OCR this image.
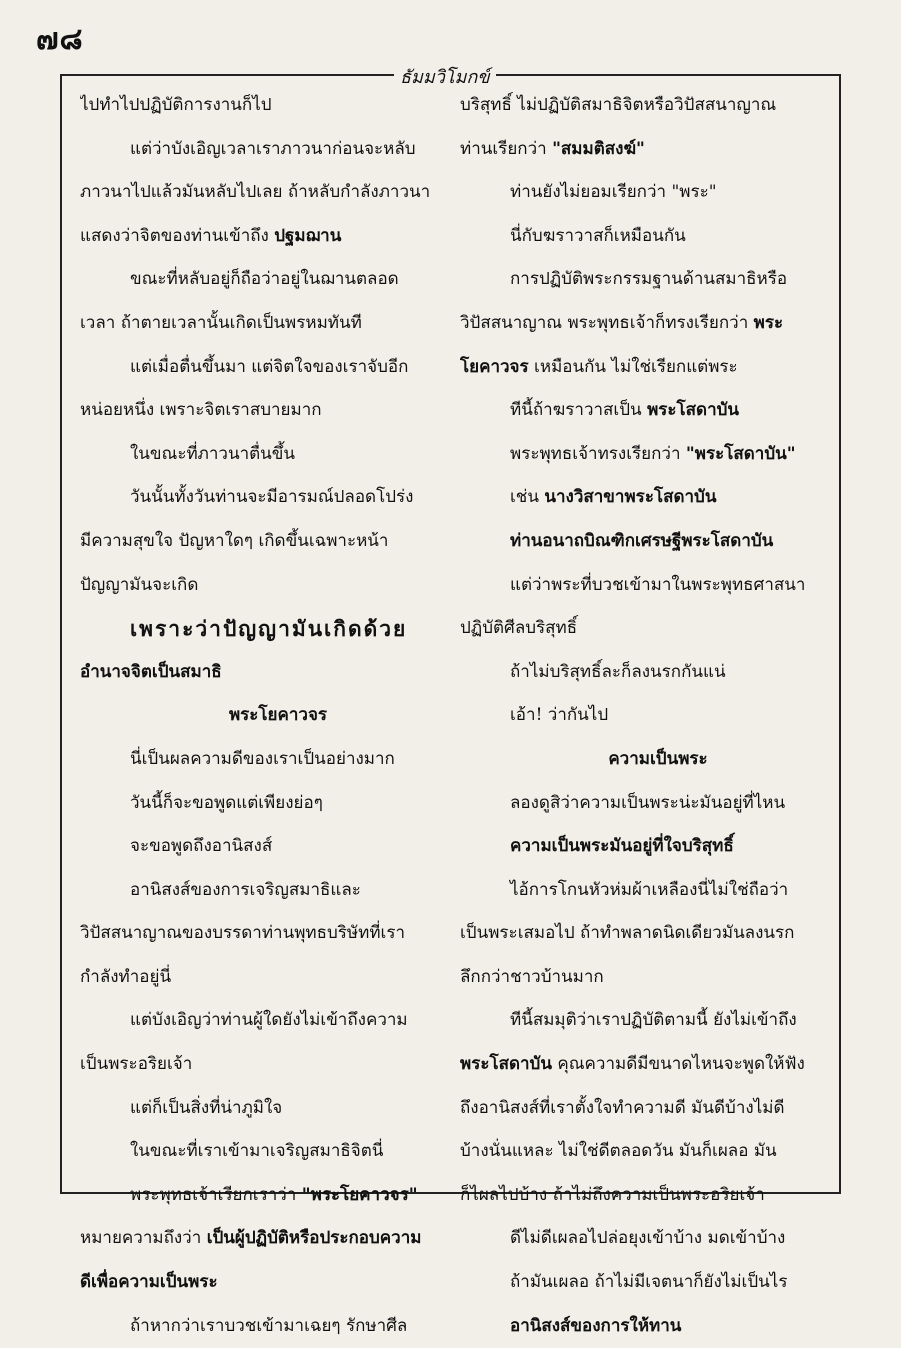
๗๘
ธัมมวิโมกข์
ไปทำไปปฏิบัติการงานก็ไป
แต่ว่าบังเอิญเวลาเราภาวนาก่อนจะหลับ
ภาวนาไปแล้วมันหลับไปเลย ถ้าหลับกำลังภาวนา
แสดงว่าจิตของท่านเข้าถึง ปฐมฌาน
ขณะที่หลับอยู่ก็ถือว่าอยู่ในฌานตลอด
เวลา ถ้าตายเวลานั้นเกิดเป็นพรหมทันที
แต่เมื่อตื่นขึ้นมา แต่จิตใจของเราจับอีก
หน่อยหนึ่ง เพราะจิตเราสบายมาก
ในขณะที่ภาวนาตื่นขึ้น
วันนั้นทั้งวันท่านจะมีอารมณ์ปลอดโปร่ง
มีความสุขใจ ปัญหาใดๆ เกิดขึ้นเฉพาะหน้า
ปัญญามันจะเกิด
เพราะว่าปัญญามันเกิดด้วย
อำนาจจิตเป็นสมาธิ
พระโยคาวจร
นี่เป็นผลความดีของเราเป็นอย่างมาก
วันนี้ก็จะขอพูดแต่เพียงย่อๆ
จะขอพูดถึงอานิสงส์
อานิสงส์ของการเจริญสมาธิและ
วิปัสสนาญาณของบรรดาท่านพุทธบริษัทที่เรา
กำลังทำอยู่นี่
แต่บังเอิญว่าท่านผู้ใดยังไม่เข้าถึงความ
เป็นพระอริยเจ้า
แต่ก็เป็นสิ่งที่น่าภูมิใจ
ในขณะที่เราเข้ามาเจริญสมาธิจิตนี่
พระพุทธเจ้าเรียกเราว่า "พระโยคาวจร"
หมายความถึงว่า เป็นผู้ปฏิบัติหรือประกอบความ
ดีเพื่อความเป็นพระ
ถ้าหากว่าเราบวชเข้ามาเฉยๆ รักษาศีล
บริสุทธิ์ ไม่ปฏิบัติสมาธิจิตหรือวิปัสสนาญาณ
ท่านเรียกว่า "สมมติสงฆ์"
ท่านยังไม่ยอมเรียกว่า "พระ"
นี่กับฆราวาสก็เหมือนกัน
การปฏิบัติพระกรรมฐานด้านสมาธิหรือ
วิปัสสนาญาณ พระพุทธเจ้าก็ทรงเรียกว่า พระ
โยคาวจร เหมือนกัน ไม่ใช่เรียกแต่พระ
ทีนี้ถ้าฆราวาสเป็น พระโสดาบัน
พระพุทธเจ้าทรงเรียกว่า "พระโสดาบัน"
เช่น นางวิสาขาพระโสดาบัน
ท่านอนาถบิณฑิกเศรษฐีพระโสดาบัน
แต่ว่าพระที่บวชเข้ามาในพระพุทธศาสนา
ปฏิบัติศีลบริสุทธิ์
ถ้าไม่บริสุทธิ์ละก็ลงนรกกันแน่
เอ้า! ว่ากันไป
ความเป็นพระ
ลองดูสิว่าความเป็นพระน่ะมันอยู่ที่ไหน
ความเป็นพระมันอยู่ที่ใจบริสุทธิ์
ไอ้การโกนหัวห่มผ้าเหลืองนี่ไม่ใช่ถือว่า
เป็นพระเสมอไป ถ้าทำพลาดนิดเดียวมันลงนรก
ลึกกว่าชาวบ้านมาก
ทีนี้สมมุติว่าเราปฏิบัติตามนี้ ยังไม่เข้าถึง
พระโสดาบัน คุณความดีมีขนาดไหนจะพูดให้ฟัง
ถึงอานิสงส์ที่เราตั้งใจทำความดี มันดีบ้างไม่ดี
บ้างนั่นแหละ ไม่ใช่ดีตลอดวัน มันก็เผลอ มัน
ก็ไผลไปบ้าง ถ้าไม่ถึงความเป็นพระอริยเจ้า
ดีไม่ดีเผลอไปล่อยุงเข้าบ้าง มดเข้าบ้าง
ถ้ามันเผลอ ถ้าไม่มีเจตนาก็ยังไม่เป็นไร
อานิสงส์ของการให้ทาน
